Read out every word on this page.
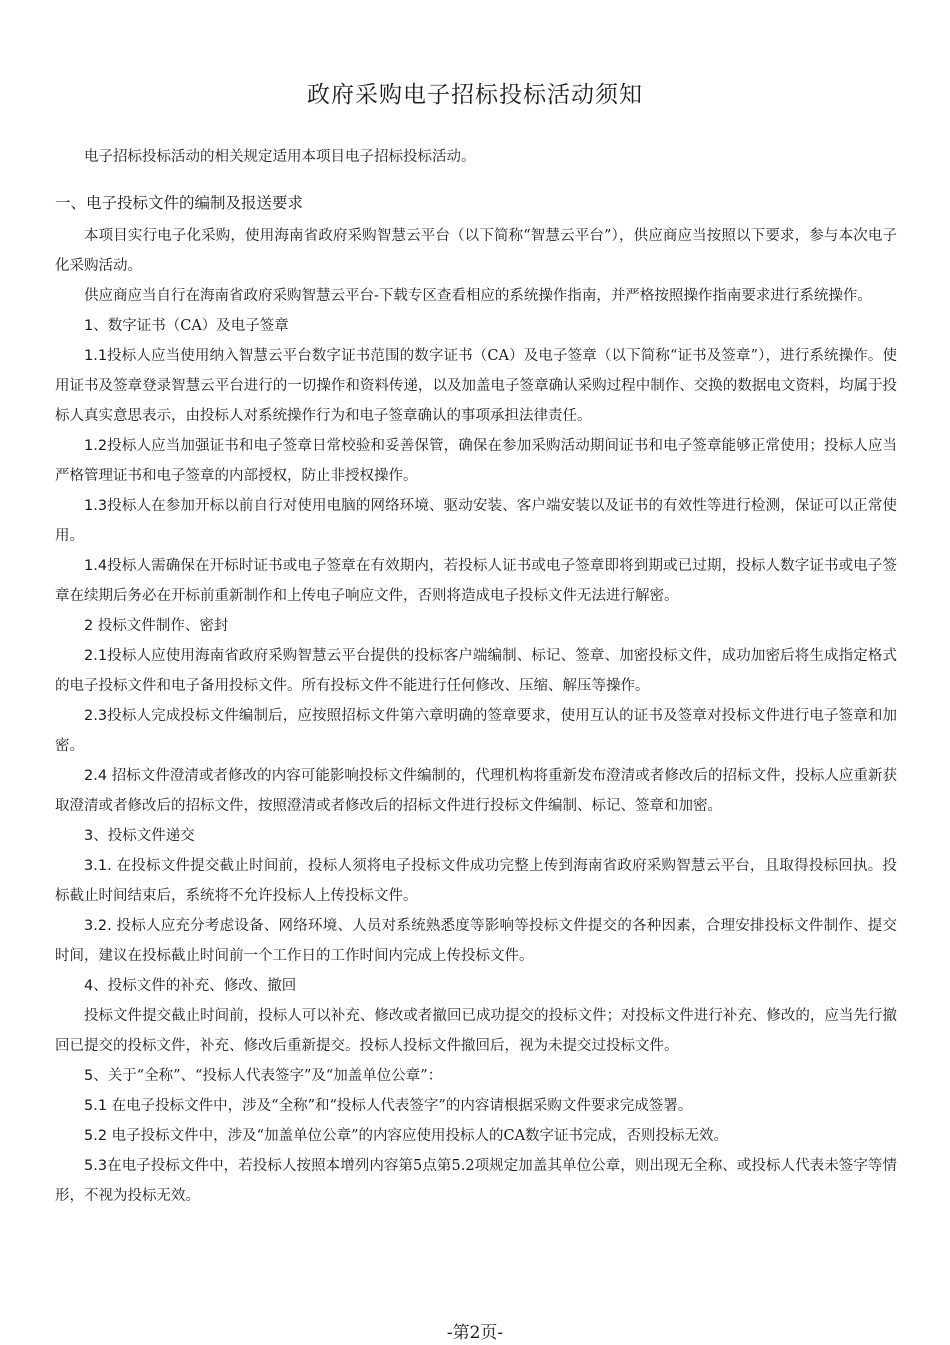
政府采购电子招标投标活动须知

电子招标投标活动的相关规定适用本项目电子招标投标活动。

一、电子投标文件的编制及报送要求

本项目实行电子化采购，使用海南省政府采购智慧云平台（以下简称“智慧云平台”），供应商应当按照以下要求，参与本次电子化采购活动。

供应商应当自行在海南省政府采购智慧云平台-下载专区查看相应的系统操作指南，并严格按照操作指南要求进行系统操作。

1、数字证书（CA）及电子签章

1.1投标人应当使用纳入智慧云平台数字证书范围的数字证书（CA）及电子签章（以下简称“证书及签章”），进行系统操作。使用证书及签章登录智慧云平台进行的一切操作和资料传递，以及加盖电子签章确认采购过程中制作、交换的数据电文资料，均属于投标人真实意思表示，由投标人对系统操作行为和电子签章确认的事项承担法律责任。

1.2投标人应当加强证书和电子签章日常校验和妥善保管，确保在参加采购活动期间证书和电子签章能够正常使用；投标人应当严格管理证书和电子签章的内部授权，防止非授权操作。

1.3投标人在参加开标以前自行对使用电脑的网络环境、驱动安装、客户端安装以及证书的有效性等进行检测，保证可以正常使用。

1.4投标人需确保在开标时证书或电子签章在有效期内，若投标人证书或电子签章即将到期或已过期，投标人数字证书或电子签章在续期后务必在开标前重新制作和上传电子响应文件，否则将造成电子投标文件无法进行解密。

2 投标文件制作、密封

2.1投标人应使用海南省政府采购智慧云平台提供的投标客户端编制、标记、签章、加密投标文件，成功加密后将生成指定格式的电子投标文件和电子备用投标文件。所有投标文件不能进行任何修改、压缩、解压等操作。

2.3投标人完成投标文件编制后，应按照招标文件第六章明确的签章要求，使用互认的证书及签章对投标文件进行电子签章和加密。

2.4 招标文件澄清或者修改的内容可能影响投标文件编制的，代理机构将重新发布澄清或者修改后的招标文件，投标人应重新获取澄清或者修改后的招标文件，按照澄清或者修改后的招标文件进行投标文件编制、标记、签章和加密。

3、投标文件递交

3.1. 在投标文件提交截止时间前，投标人须将电子投标文件成功完整上传到海南省政府采购智慧云平台，且取得投标回执。投标截止时间结束后，系统将不允许投标人上传投标文件。

3.2. 投标人应充分考虑设备、网络环境、人员对系统熟悉度等影响等投标文件提交的各种因素，合理安排投标文件制作、提交时间，建议在投标截止时间前一个工作日的工作时间内完成上传投标文件。

4、投标文件的补充、修改、撤回

投标文件提交截止时间前，投标人可以补充、修改或者撤回已成功提交的投标文件；对投标文件进行补充、修改的，应当先行撤回已提交的投标文件，补充、修改后重新提交。投标人投标文件撤回后，视为未提交过投标文件。

5、关于“全称”、“投标人代表签字”及“加盖单位公章”：

5.1 在电子投标文件中，涉及“全称”和“投标人代表签字”的内容请根据采购文件要求完成签署。

5.2 电子投标文件中，涉及“加盖单位公章”的内容应使用投标人的CA数字证书完成，否则投标无效。

5.3在电子投标文件中，若投标人按照本增列内容第5点第5.2项规定加盖其单位公章，则出现无全称、或投标人代表未签字等情形，不视为投标无效。

-第2页-
